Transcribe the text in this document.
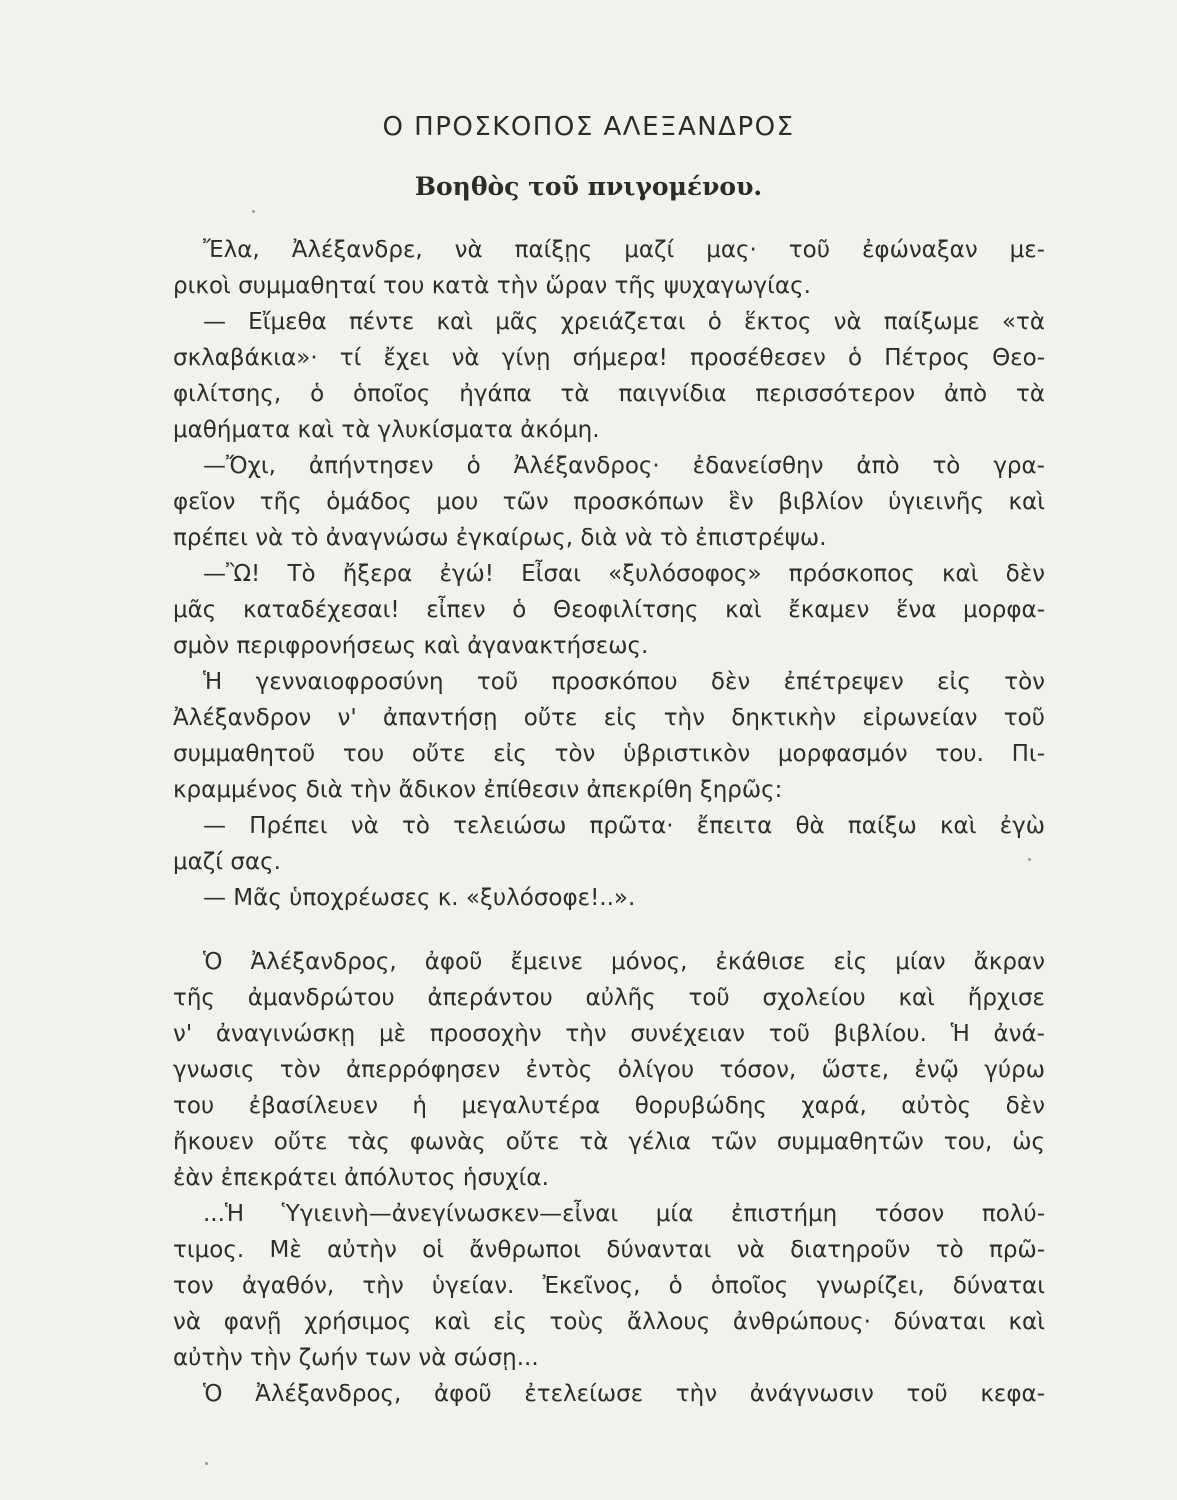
Ο ΠΡΟΣΚΟΠΟΣ ΑΛΕΞΑΝΔΡΟΣ
Βοηθὸς τοῦ πνιγομένου.
Ἔλα, Ἀλέξανδρε, νὰ παίξῃς μαζί μας· τοῦ ἐφώναξαν με-
ρικοὶ συμμαθηταί του κατὰ τὴν ὥραν τῆς ψυχαγωγίας.
— Εἴμεθα πέντε καὶ μᾶς χρειάζεται ὁ ἕκτος νὰ παίξωμε «τὰ
σκλαβάκια»· τί ἔχει νὰ γίνῃ σήμερα! προσέθεσεν ὁ Πέτρος Θεο-
φιλίτσης, ὁ ὁποῖος ἠγάπα τὰ παιγνίδια περισσότερον ἀπὸ τὰ
μαθήματα καὶ τὰ γλυκίσματα ἀκόμη.
—Ὄχι, ἀπήντησεν ὁ Ἀλέξανδρος· ἐδανείσθην ἀπὸ τὸ γρα-
φεῖον τῆς ὁμάδος μου τῶν προσκόπων ἓν βιβλίον ὑγιεινῆς καὶ
πρέπει νὰ τὸ ἀναγνώσω ἐγκαίρως, διὰ νὰ τὸ ἐπιστρέψω.
—Ὢ! Τὸ ἤξερα ἐγώ! Εἶσαι «ξυλόσοφος» πρόσκοπος καὶ δὲν
μᾶς καταδέχεσαι! εἶπεν ὁ Θεοφιλίτσης καὶ ἔκαμεν ἕνα μορφα-
σμὸν περιφρονήσεως καὶ ἀγανακτήσεως.
Ἡ γενναιοφροσύνη τοῦ προσκόπου δὲν ἐπέτρεψεν εἰς τὸν
Ἀλέξανδρον ν' ἀπαντήσῃ οὔτε εἰς τὴν δηκτικὴν εἰρωνείαν τοῦ
συμμαθητοῦ του οὔτε εἰς τὸν ὑβριστικὸν μορφασμόν του. Πι-
κραμμένος διὰ τὴν ἄδικον ἐπίθεσιν ἀπεκρίθη ξηρῶς:
— Πρέπει νὰ τὸ τελειώσω πρῶτα· ἔπειτα θὰ παίξω καὶ ἐγὼ
μαζί σας.
— Μᾶς ὑποχρέωσες κ. «ξυλόσοφε!..».
Ὁ Ἀλέξανδρος, ἀφοῦ ἔμεινε μόνος, ἐκάθισε εἰς μίαν ἄκραν
τῆς ἀμανδρώτου ἀπεράντου αὐλῆς τοῦ σχολείου καὶ ἤρχισε
ν' ἀναγινώσκῃ μὲ προσοχὴν τὴν συνέχειαν τοῦ βιβλίου. Ἡ ἀνά-
γνωσις τὸν ἀπερρόφησεν ἐντὸς ὀλίγου τόσον, ὥστε, ἐνῷ γύρω
του ἐβασίλευεν ἡ μεγαλυτέρα θορυβώδης χαρά, αὐτὸς δὲν
ἤκουεν οὔτε τὰς φωνὰς οὔτε τὰ γέλια τῶν συμμαθητῶν του, ὡς
ἐὰν ἐπεκράτει ἀπόλυτος ἡσυχία.
...Ἡ Ὑγιεινὴ—ἀνεγίνωσκεν—εἶναι μία ἐπιστήμη τόσον πολύ-
τιμος. Μὲ αὐτὴν οἱ ἄνθρωποι δύνανται νὰ διατηροῦν τὸ πρῶ-
τον ἀγαθόν, τὴν ὑγείαν. Ἐκεῖνος, ὁ ὁποῖος γνωρίζει, δύναται
νὰ φανῇ χρήσιμος καὶ εἰς τοὺς ἄλλους ἀνθρώπους· δύναται καὶ
αὐτὴν τὴν ζωήν των νὰ σώσῃ...
Ὁ Ἀλέξανδρος, ἀφοῦ ἐτελείωσε τὴν ἀνάγνωσιν τοῦ κεφα-
